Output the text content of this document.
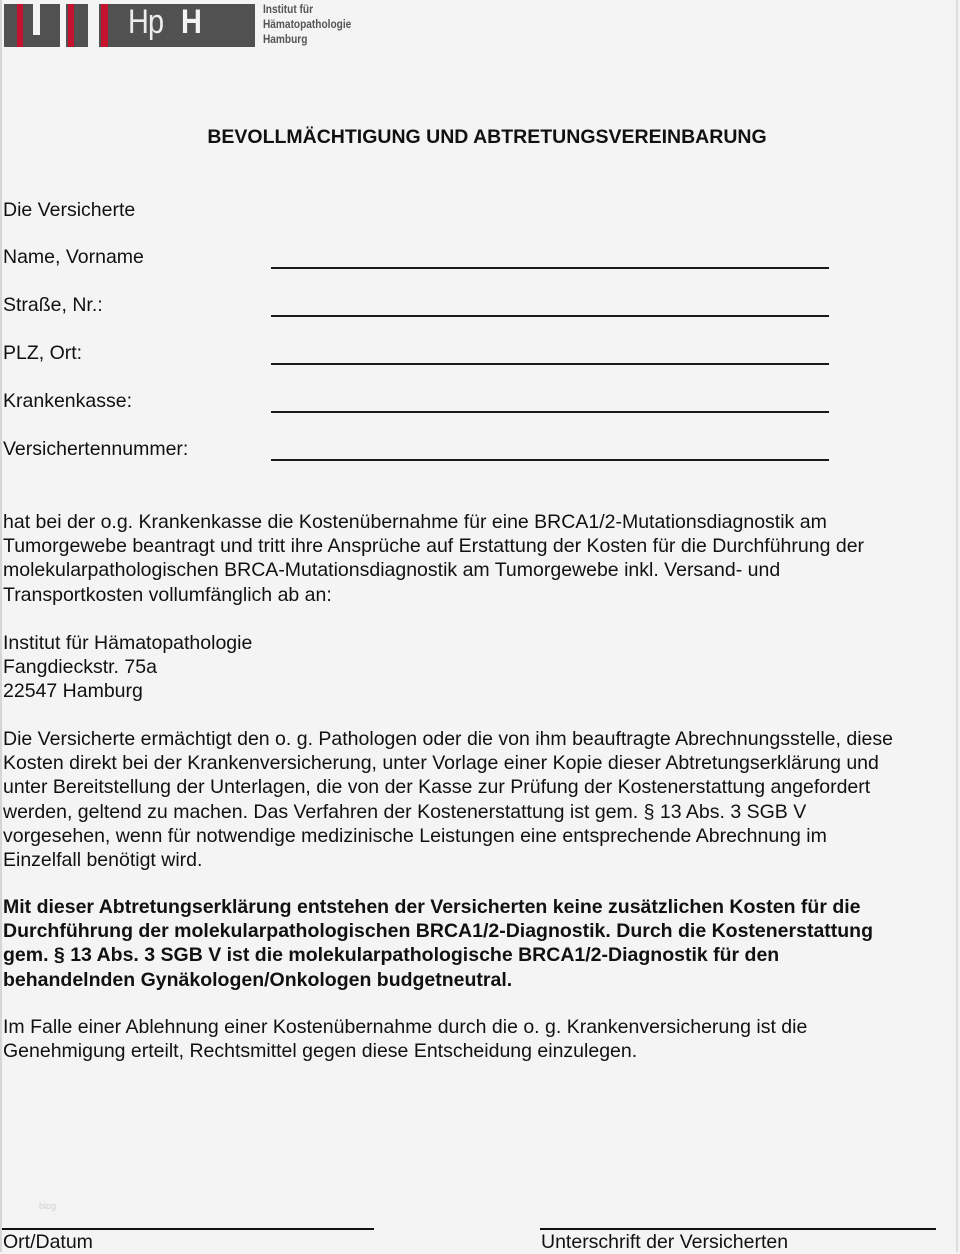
Hp H	Institut für
Hämatopathologie
Hamburg
BEVOLLMÄCHTIGUNG UND ABTRETUNGSVEREINBARUNG
Die Versicherte
Name, Vorname
Straße, Nr.:
PLZ, Ort:
Krankenkasse:
Versichertennummer:
hat bei der o.g. Krankenkasse die Kostenübernahme für eine BRCA1/2-Mutationsdiagnostik am
Tumorgewebe beantragt und tritt ihre Ansprüche auf Erstattung der Kosten für die Durchführung der
molekularpathologischen BRCA-Mutationsdiagnostik am Tumorgewebe inkl. Versand- und
Transportkosten vollumfänglich ab an:
Institut für Hämatopathologie
Fangdieckstr. 75a
22547 Hamburg
Die Versicherte ermächtigt den o. g. Pathologen oder die von ihm beauftragte Abrechnungsstelle, diese
Kosten direkt bei der Krankenversicherung, unter Vorlage einer Kopie dieser Abtretungserklärung und
unter Bereitstellung der Unterlagen, die von der Kasse zur Prüfung der Kostenerstattung angefordert
werden, geltend zu machen. Das Verfahren der Kostenerstattung ist gem. § 13 Abs. 3 SGB V
vorgesehen, wenn für notwendige medizinische Leistungen eine entsprechende Abrechnung im
Einzelfall benötigt wird.
Mit dieser Abtretungserklärung entstehen der Versicherten keine zusätzlichen Kosten für die
Durchführung der molekularpathologischen BRCA1/2-Diagnostik. Durch die Kostenerstattung
gem. § 13 Abs. 3 SGB V ist die molekularpathologische BRCA1/2-Diagnostik für den
behandelnden Gynäkologen/Onkologen budgetneutral.
Im Falle einer Ablehnung einer Kostenübernahme durch die o. g. Krankenversicherung ist die
Genehmigung erteilt, Rechtsmittel gegen diese Entscheidung einzulegen.
blog
Ort/Datum	Unterschrift der Versicherten
